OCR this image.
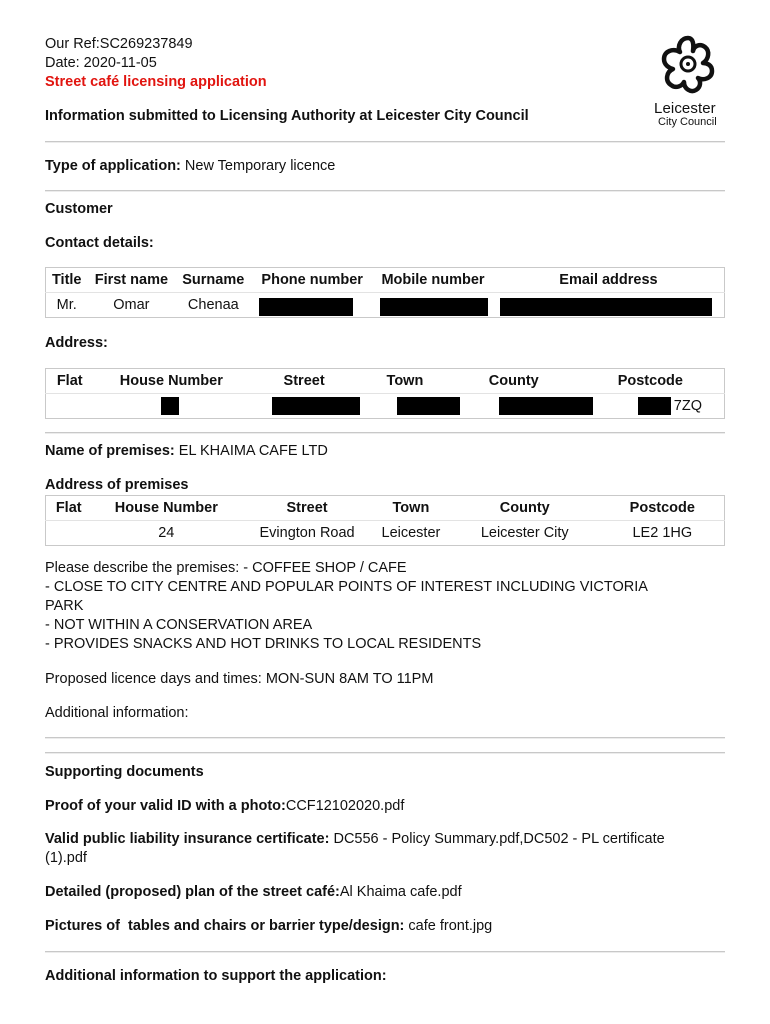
Our Ref:SC269237849
Date: 2020-11-05
Street café licensing application
Information submitted to Licensing Authority at Leicester City Council	Leicester
City Council
Type of application: New Temporary licence
Customer
Contact details:
Title	First name	Surname	Phone number	Mobile number	Email address
Mr.	Omar	Chenaa			
Address:
Flat	House Number	Street	Town	County	Postcode
					7ZQ
Name of premises: EL KHAIMA CAFE LTD
Address of premises
Flat	House Number	Street	Town	County	Postcode
	24	Evington Road	Leicester	Leicester City	LE2 1HG
Please describe the premises: - COFFEE SHOP / CAFE
- CLOSE TO CITY CENTRE AND POPULAR POINTS OF INTEREST INCLUDING VICTORIA
PARK
- NOT WITHIN A CONSERVATION AREA
- PROVIDES SNACKS AND HOT DRINKS TO LOCAL RESIDENTS
Proposed licence days and times: MON-SUN 8AM TO 11PM
Additional information:
Supporting documents
Proof of your valid ID with a photo:CCF12102020.pdf
Valid public liability insurance certificate: DC556 - Policy Summary.pdf,DC502 - PL certificate
(1).pdf
Detailed (proposed) plan of the street café:Al Khaima cafe.pdf
Pictures of  tables and chairs or barrier type/design: cafe front.jpg
Additional information to support the application:
